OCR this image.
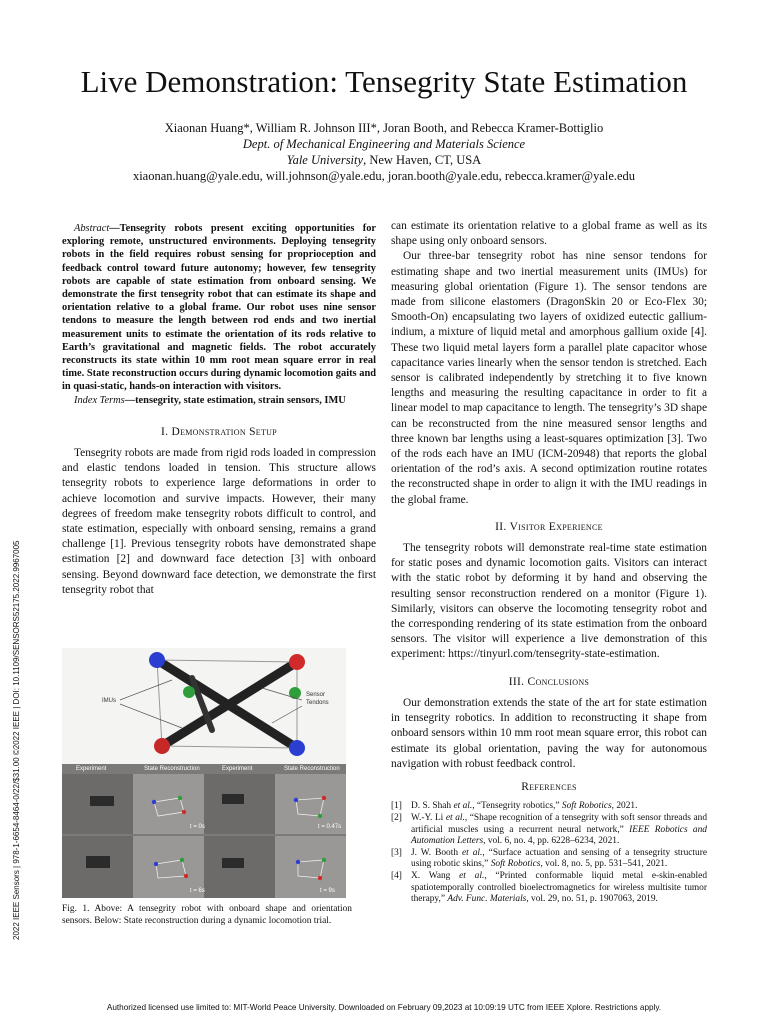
Live Demonstration: Tensegrity State Estimation
Xiaonan Huang*, William R. Johnson III*, Joran Booth, and Rebecca Kramer-Bottiglio
Dept. of Mechanical Engineering and Materials Science
Yale University, New Haven, CT, USA
xiaonan.huang@yale.edu, will.johnson@yale.edu, joran.booth@yale.edu, rebecca.kramer@yale.edu

Abstract—Tensegrity robots present exciting opportunities for exploring remote, unstructured environments. Deploying tensegrity robots in the field requires robust sensing for proprioception and feedback control toward future autonomy; however, few tensegrity robots are capable of state estimation from onboard sensing. We demonstrate the first tensegrity robot that can estimate its shape and orientation relative to a global frame. Our robot uses nine sensor tendons to measure the length between rod ends and two inertial measurement units to estimate the orientation of its rods relative to Earth’s gravitational and magnetic fields. The robot accurately reconstructs its state within 10 mm root mean square error in real time. State reconstruction occurs during dynamic locomotion gaits and in quasi-static, hands-on interaction with visitors.

Index Terms—tensegrity, state estimation, strain sensors, IMU

I. Demonstration Setup

Tensegrity robots are made from rigid rods loaded in compression and elastic tendons loaded in tension. This structure allows tensegrity robots to experience large deformations in order to achieve locomotion and survive impacts. However, their many degrees of freedom make tensegrity robots difficult to control, and state estimation, especially with onboard sensing, remains a grand challenge [1]. Previous tensegrity robots have demonstrated shape estimation [2] and downward face detection [3] with onboard sensing. Beyond downward face detection, we demonstrate the first tensegrity robot that

IMUs
Sensor
Tendons
Experiment	State Reconstruction	Experiment	State Reconstruction
t = 0s	t = 0.47s
t = 6s	t = 9s
Fig. 1. Above: A tensegrity robot with onboard shape and orientation sensors. Below: State reconstruction during a dynamic locomotion trial.

can estimate its orientation relative to a global frame as well as its shape using only onboard sensors.

Our three-bar tensegrity robot has nine sensor tendons for estimating shape and two inertial measurement units (IMUs) for measuring global orientation (Figure 1). The sensor tendons are made from silicone elastomers (DragonSkin 20 or Eco-Flex 30; Smooth-On) encapsulating two layers of oxidized eutectic gallium-indium, a mixture of liquid metal and amorphous gallium oxide [4]. These two liquid metal layers form a parallel plate capacitor whose capacitance varies linearly when the sensor tendon is stretched. Each sensor is calibrated independently by stretching it to five known lengths and measuring the resulting capacitance in order to fit a linear model to map capacitance to length. The tensegrity’s 3D shape can be reconstructed from the nine measured sensor lengths and three known bar lengths using a least-squares optimization [3]. Two of the rods each have an IMU (ICM-20948) that reports the global orientation of the rod’s axis. A second optimization routine rotates the reconstructed shape in order to align it with the IMU readings in the global frame.

II. Visitor Experience

The tensegrity robots will demonstrate real-time state estimation for static poses and dynamic locomotion gaits. Visitors can interact with the static robot by deforming it by hand and observing the resulting sensor reconstruction rendered on a monitor (Figure 1). Similarly, visitors can observe the locomoting tensegrity robot and the corresponding rendering of its state estimation from the onboard sensors. The visitor will experience a live demonstration of this experiment: https://tinyurl.com/tensegrity-state-estimation.

III. Conclusions

Our demonstration extends the state of the art for state estimation in tensegrity robotics. In addition to reconstructing it shape from onboard sensors within 10 mm root mean square error, this robot can estimate its global orientation, paving the way for autonomous navigation with robust feedback control.

References
[1] D. S. Shah et al., “Tensegrity robotics,” Soft Robotics, 2021.
[2] W.-Y. Li et al., “Shape recognition of a tensegrity with soft sensor threads and artificial muscles using a recurrent neural network,” IEEE Robotics and Automation Letters, vol. 6, no. 4, pp. 6228–6234, 2021.
[3] J. W. Booth et al., “Surface actuation and sensing of a tensegrity structure using robotic skins,” Soft Robotics, vol. 8, no. 5, pp. 531–541, 2021.
[4] X. Wang et al., “Printed conformable liquid metal e-skin-enabled spatiotemporally controlled bioelectromagnetics for wireless multisite tumor therapy,” Adv. Func. Materials, vol. 29, no. 51, p. 1907063, 2019.
2022 IEEE Sensors | 978-1-6654-8464-0/22/$31.00 ©2022 IEEE | DOI: 10.1109/SENSORS52175.2022.9967005
Authorized licensed use limited to: MIT-World Peace University. Downloaded on February 09,2023 at 10:09:19 UTC from IEEE Xplore. Restrictions apply.
